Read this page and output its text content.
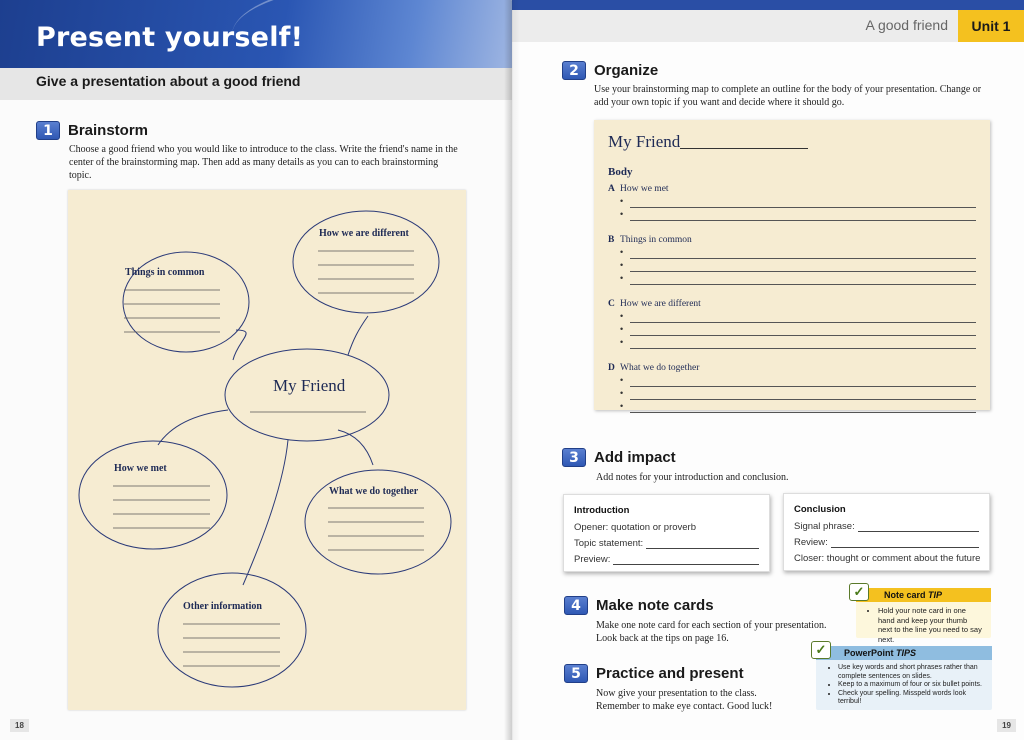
Present yourself!
Give a presentation about a good friend
1	Brainstorm
Choose a good friend who you would like to introduce to the class. Write the friend's name in the center of the brainstorming map. Then add as many details as you can to each brainstorming topic.
How we are different
Things in common
My Friend
How we met
What we do together
Other information
18
A good friend	Unit 1
19
2	Organize
Use your brainstorming map to complete an outline for the body of your presentation. Change or add your own topic if you want and decide where it should go.
My Friend
Body
A How we met
•
•
B Things in common
•
•
•
C How we are different
•
•
•
D What we do together
•
•
•
3	Add impact
Add notes for your introduction and conclusion.
Introduction
Opener: quotation or proverb
Topic statement:
Preview:
Conclusion
Signal phrase:
Review:
Closer: thought or comment about the future
4	Make note cards
Make one note card for each section of your presentation. Look back at the tips on page 16.
5	Practice and present
Now give your presentation to the class. Remember to make eye contact. Good luck!
Note card TIP
• Hold your note card in one hand and keep your thumb next to the line you need to say next.
✓
PowerPoint TIPS
• Use key words and short phrases rather than complete sentences on slides.
• Keep to a maximum of four or six bullet points.
• Check your spelling. Misspeld words look terribul!
✓
